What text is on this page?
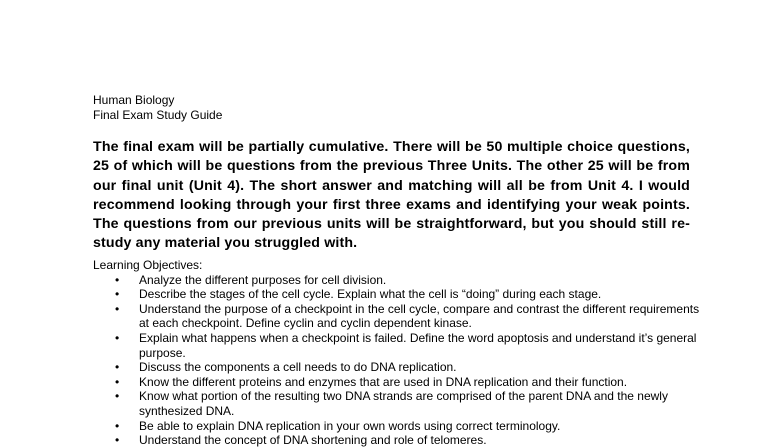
Human Biology
Final Exam Study Guide
The final exam will be partially cumulative. There will be 50 multiple choice questions, 25 of which will be questions from the previous Three Units. The other 25 will be from our final unit (Unit 4). The short answer and matching will all be from Unit 4. I would recommend looking through your first three exams and identifying your weak points. The questions from our previous units will be straightforward, but you should still re-study any material you struggled with.
Learning Objectives:
• Analyze the different purposes for cell division.
• Describe the stages of the cell cycle. Explain what the cell is “doing” during each stage.
• Understand the purpose of a checkpoint in the cell cycle, compare and contrast the different requirements at each checkpoint. Define cyclin and cyclin dependent kinase.
• Explain what happens when a checkpoint is failed. Define the word apoptosis and understand it’s general purpose.
• Discuss the components a cell needs to do DNA replication.
• Know the different proteins and enzymes that are used in DNA replication and their function.
• Know what portion of the resulting two DNA strands are comprised of the parent DNA and the newly synthesized DNA.
• Be able to explain DNA replication in your own words using correct terminology.
• Understand the concept of DNA shortening and role of telomeres.
